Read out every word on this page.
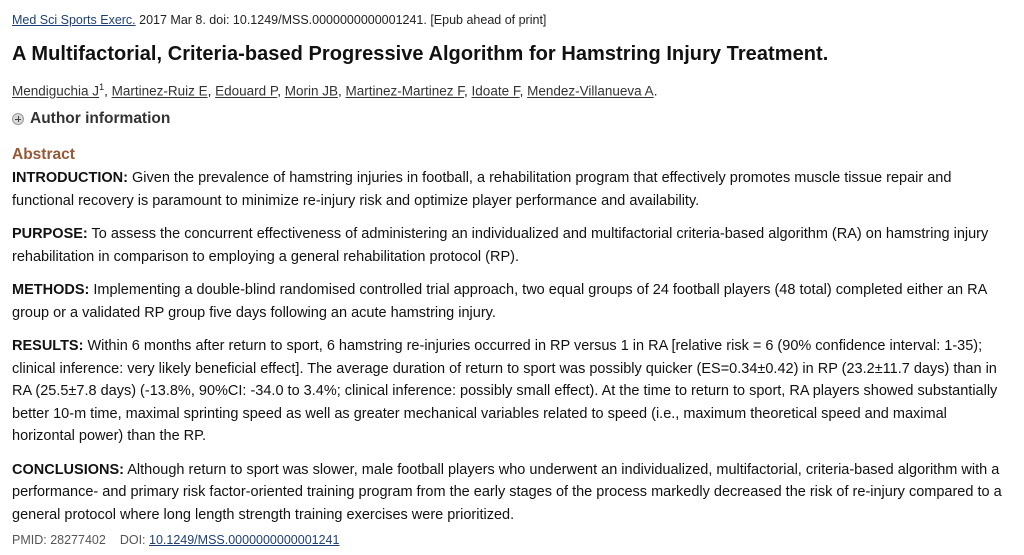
Med Sci Sports Exerc. 2017 Mar 8. doi: 10.1249/MSS.0000000000001241. [Epub ahead of print]
A Multifactorial, Criteria-based Progressive Algorithm for Hamstring Injury Treatment.
Mendiguchia $J^1$, Martinez-Ruiz E, Edouard P, Morin JB, Martinez-Martinez F, Idoate F, Mendez-Villanueva A.
Author information
Abstract

INTRODUCTION: Given the prevalence of hamstring injuries in football, a rehabilitation program that effectively promotes muscle tissue repair and functional recovery is paramount to minimize re-injury risk and optimize player performance and availability.

PURPOSE: To assess the concurrent effectiveness of administering an individualized and multifactorial criteria-based algorithm (RA) on hamstring injury rehabilitation in comparison to employing a general rehabilitation protocol (RP).

METHODS: Implementing a double-blind randomised controlled trial approach, two equal groups of 24 football players (48 total) completed either an RA group or a validated RP group five days following an acute hamstring injury.

RESULTS: Within 6 months after return to sport, 6 hamstring re-injuries occurred in RP versus 1 in RA [relative risk = 6 (90% confidence interval: 1-35); clinical inference: very likely beneficial effect]. The average duration of return to sport was possibly quicker (ES=0.34±0.42) in RP (23.2±11.7 days) than in RA (25.5±7.8 days) (-13.8%, 90%CI: -34.0 to 3.4%; clinical inference: possibly small effect). At the time to return to sport, RA players showed substantially better 10-m time, maximal sprinting speed as well as greater mechanical variables related to speed (i.e., maximum theoretical speed and maximal horizontal power) than the RP.

CONCLUSIONS: Although return to sport was slower, male football players who underwent an individualized, multifactorial, criteria-based algorithm with a performance- and primary risk factor-oriented training program from the early stages of the process markedly decreased the risk of re-injury compared to a general protocol where long length strength training exercises were prioritized.

PMID: 28277402 DOI: 10.1249/MSS.0000000000001241
